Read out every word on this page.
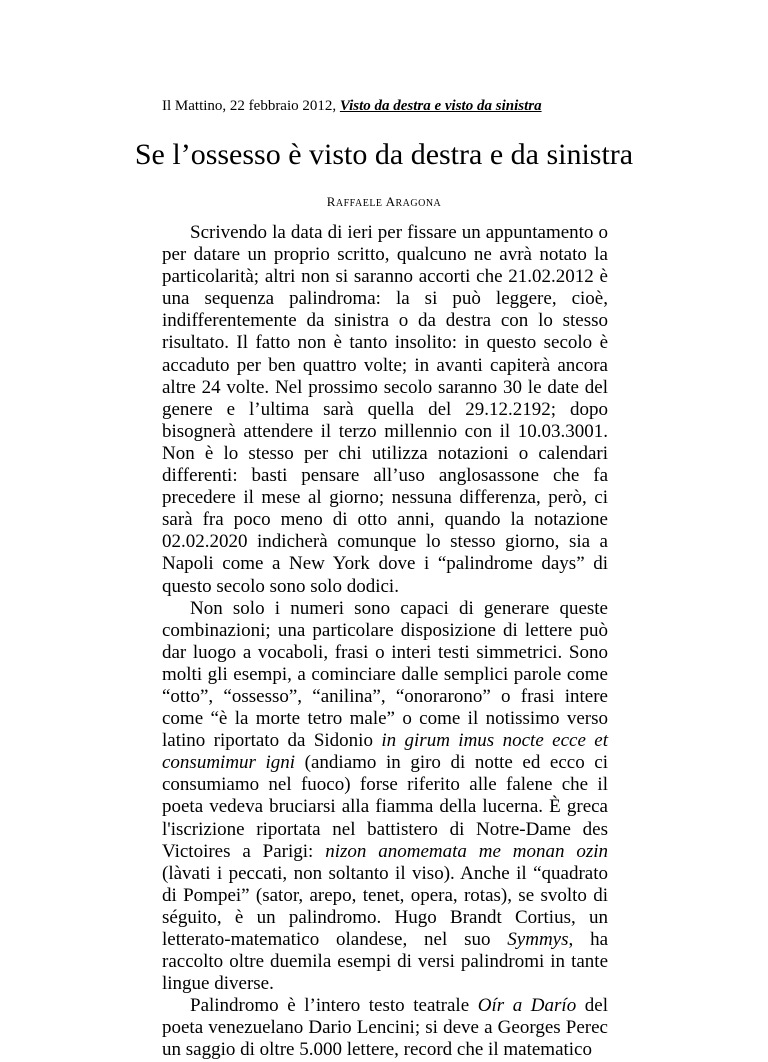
Il Mattino, 22 febbraio 2012, Visto da destra e visto da sinistra
Se l’ossesso è visto da destra e da sinistra
RAFFAELE ARAGONA

Scrivendo la data di ieri per fissare un appuntamento o per datare un proprio scritto, qualcuno ne avrà notato la particolarità; altri non si saranno accorti che 21.02.2012 è una sequenza palindroma: la si può leggere, cioè, indifferentemente da sinistra o da destra con lo stesso risultato. Il fatto non è tanto insolito: in questo secolo è accaduto per ben quattro volte; in avanti capiterà ancora altre 24 volte. Nel prossimo secolo saranno 30 le date del genere e l’ultima sarà quella del 29.12.2192; dopo bisognerà attendere il terzo millennio con il 10.03.3001. Non è lo stesso per chi utilizza notazioni o calendari differenti: basti pensare all’uso anglosassone che fa precedere il mese al giorno; nessuna differenza, però, ci sarà fra poco meno di otto anni, quando la notazione 02.02.2020 indicherà comunque lo stesso giorno, sia a Napoli come a New York dove i “palindrome days” di questo secolo sono solo dodici.

Non solo i numeri sono capaci di generare queste combinazioni; una particolare disposizione di lettere può dar luogo a vocaboli, frasi o interi testi simmetrici. Sono molti gli esempi, a cominciare dalle semplici parole come “otto”, “ossesso”, “anilina”, “onorarono” o frasi intere come “è la morte tetro male” o come il notissimo verso latino riportato da Sidonio in girum imus nocte ecce et consumimur igni (andiamo in giro di notte ed ecco ci consumiamo nel fuoco) forse riferito alle falene che il poeta vedeva bruciarsi alla fiamma della lucerna. È greca l'iscrizione riportata nel battistero di Notre-Dame des Victoires a Parigi: nizon anomemata me monan ozin (làvati i peccati, non soltanto il viso). Anche il “quadrato di Pompei” (sator, arepo, tenet, opera, rotas), se svolto di séguito, è un palindromo. Hugo Brandt Cortius, un letterato-matematico olandese, nel suo Symmys, ha raccolto oltre duemila esempi di versi palindromi in tante lingue diverse.

Palindromo è l’intero testo teatrale Oír a Darío del poeta venezuelano Dario Lencini; si deve a Georges Perec un saggio di oltre 5.000 lettere, record che il matematico
